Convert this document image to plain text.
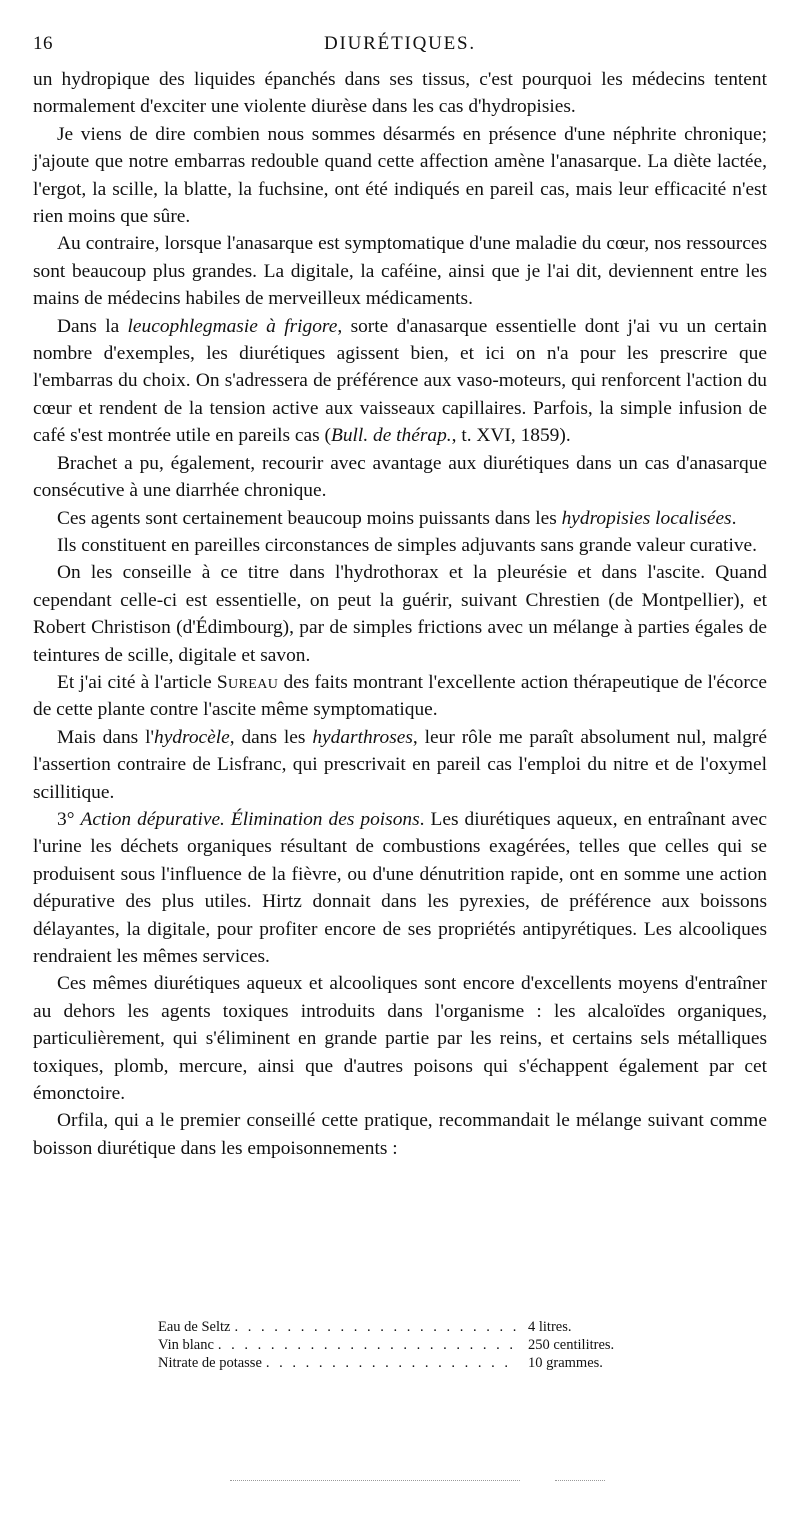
16	DIURÉTIQUES.

un hydropique des liquides épanchés dans ses tissus, c'est pourquoi les médecins tentent normalement d'exciter une violente diurèse dans les cas d'hydropisies.

Je viens de dire combien nous sommes désarmés en présence d'une néphrite chronique; j'ajoute que notre embarras redouble quand cette affection amène l'anasarque. La diète lactée, l'ergot, la scille, la blatte, la fuchsine, ont été indiqués en pareil cas, mais leur efficacité n'est rien moins que sûre.

Au contraire, lorsque l'anasarque est symptomatique d'une maladie du cœur, nos ressources sont beaucoup plus grandes. La digitale, la caféine, ainsi que je l'ai dit, deviennent entre les mains de médecins habiles de merveilleux médicaments.

Dans la leucophlegmasie à frigore, sorte d'anasarque essentielle dont j'ai vu un certain nombre d'exemples, les diurétiques agissent bien, et ici on n'a pour les prescrire que l'embarras du choix. On s'adressera de préférence aux vaso-moteurs, qui renforcent l'action du cœur et rendent de la tension active aux vaisseaux capillaires. Parfois, la simple infusion de café s'est montrée utile en pareils cas (Bull. de thérap., t. XVI, 1859).

Brachet a pu, également, recourir avec avantage aux diurétiques dans un cas d'anasarque consécutive à une diarrhée chronique.

Ces agents sont certainement beaucoup moins puissants dans les hydropisies localisées.

Ils constituent en pareilles circonstances de simples adjuvants sans grande valeur curative.

On les conseille à ce titre dans l'hydrothorax et la pleurésie et dans l'ascite. Quand cependant celle-ci est essentielle, on peut la guérir, suivant Chrestien (de Montpellier), et Robert Christison (d'Édimbourg), par de simples frictions avec un mélange à parties égales de teintures de scille, digitale et savon.

Et j'ai cité à l'article Sureau des faits montrant l'excellente action thérapeutique de l'écorce de cette plante contre l'ascite même symptomatique.

Mais dans l'hydrocèle, dans les hydarthroses, leur rôle me paraît absolument nul, malgré l'assertion contraire de Lisfranc, qui prescrivait en pareil cas l'emploi du nitre et de l'oxymel scillitique.

3° Action dépurative. Élimination des poisons. Les diurétiques aqueux, en entraînant avec l'urine les déchets organiques résultant de combustions exagérées, telles que celles qui se produisent sous l'influence de la fièvre, ou d'une dénutrition rapide, ont en somme une action dépurative des plus utiles. Hirtz donnait dans les pyrexies, de préférence aux boissons délayantes, la digitale, pour profiter encore de ses propriétés antipyrétiques. Les alcooliques rendraient les mêmes services.

Ces mêmes diurétiques aqueux et alcooliques sont encore d'excellents moyens d'entraîner au dehors les agents toxiques introduits dans l'organisme : les alcaloïdes organiques, particulièrement, qui s'éliminent en grande partie par les reins, et certains sels métalliques toxiques, plomb, mercure, ainsi que d'autres poisons qui s'échappent également par cet émonctoire.

Orfila, qui a le premier conseillé cette pratique, recommandait le mélange suivant comme boisson diurétique dans les empoisonnements :

Eau de Seltz . . .	4 litres.
Vin blanc . . .	250 centilitres.
Nitrate de potasse . . .	10 grammes.
